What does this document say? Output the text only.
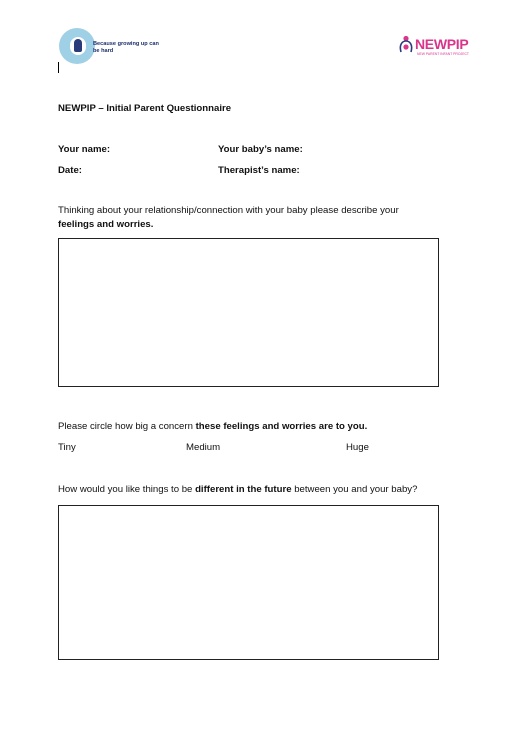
Because growing up can be hard	NEWPIP
NEW PARENT INFANT PROJECT
NEWPIP – Initial Parent Questionnaire
Your name:	Your baby’s name:
Date:	Therapist’s name:
Thinking about your relationship/connection with your baby please describe your
feelings and worries.
Please circle how big a concern these feelings and worries are to you.
Tiny	Medium	Huge
How would you like things to be different in the future between you and your baby?
